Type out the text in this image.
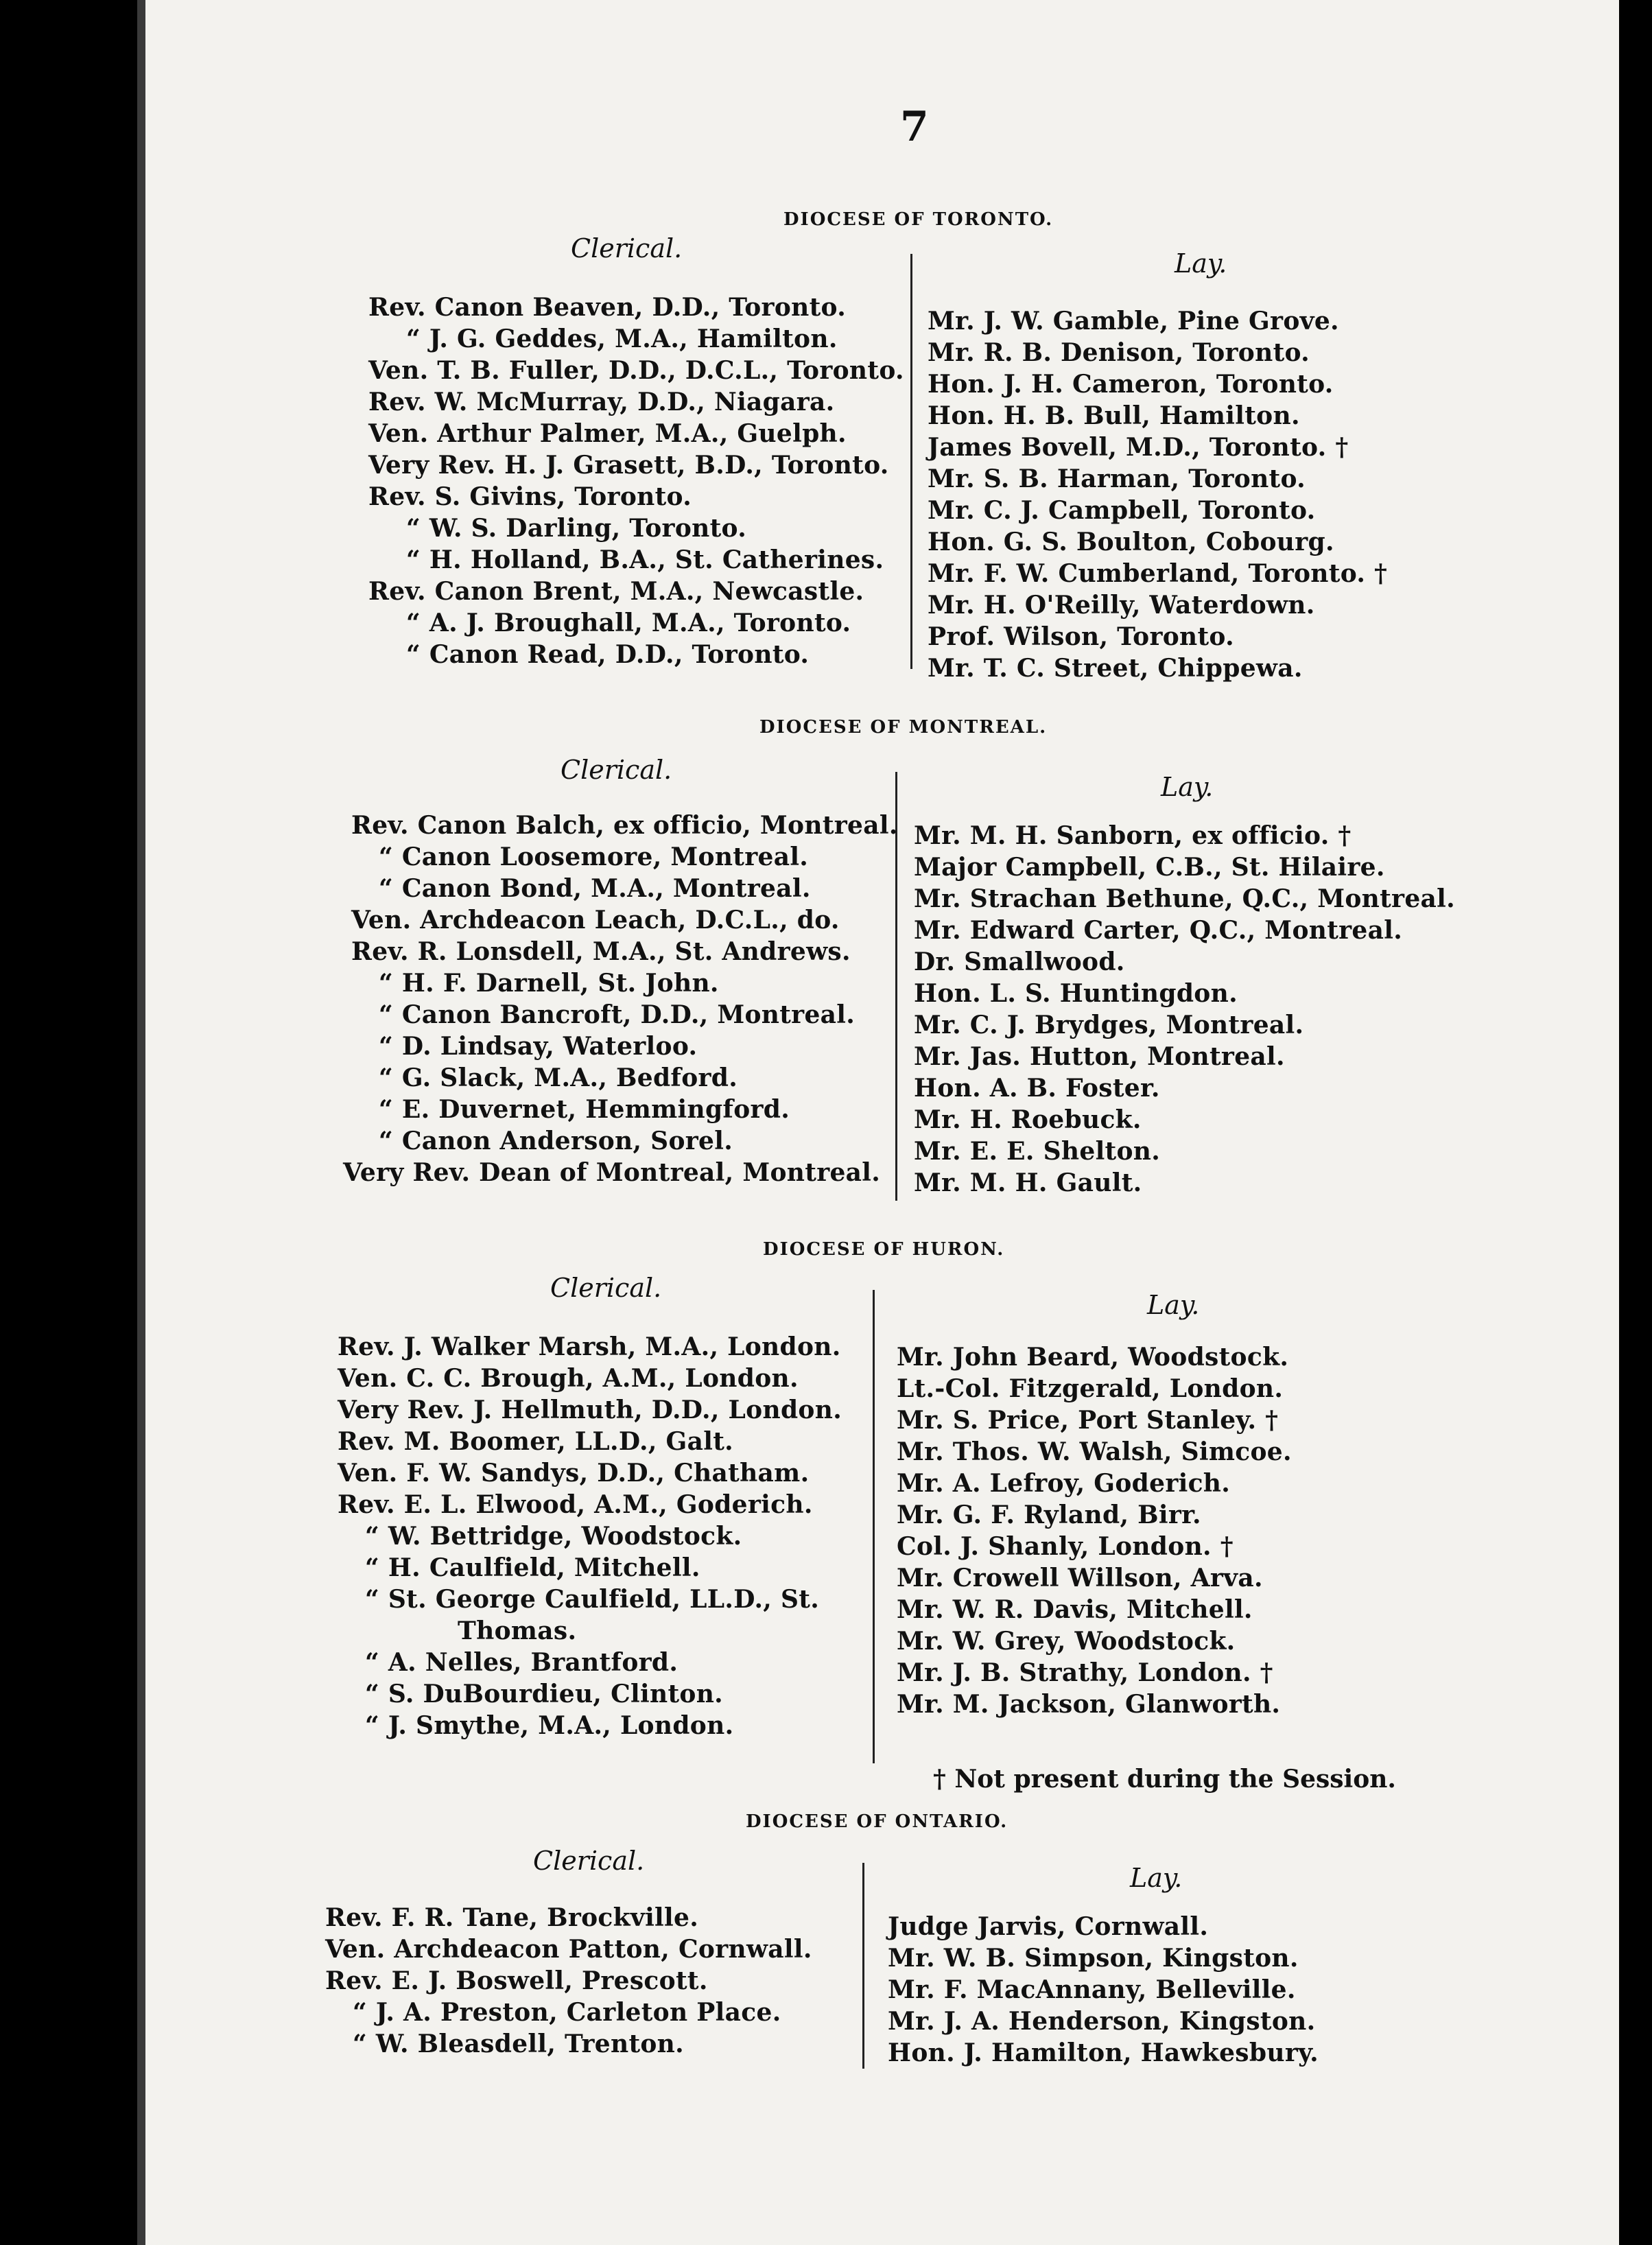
7
DIOCESE OF TORONTO.
Clerical.	Lay.
Rev. Canon Beaven, D.D., Toronto.
“ J. G. Geddes, M.A., Hamilton.
Ven. T. B. Fuller, D.D., D.C.L., Toronto.
Rev. W. McMurray, D.D., Niagara.
Ven. Arthur Palmer, M.A., Guelph.
Very Rev. H. J. Grasett, B.D., Toronto.
Rev. S. Givins, Toronto.
“ W. S. Darling, Toronto.
“ H. Holland, B.A., St. Catherines.
Rev. Canon Brent, M.A., Newcastle.
“ A. J. Broughall, M.A., Toronto.
“ Canon Read, D.D., Toronto.
Mr. J. W. Gamble, Pine Grove.
Mr. R. B. Denison, Toronto.
Hon. J. H. Cameron, Toronto.
Hon. H. B. Bull, Hamilton.
James Bovell, M.D., Toronto. †
Mr. S. B. Harman, Toronto.
Mr. C. J. Campbell, Toronto.
Hon. G. S. Boulton, Cobourg.
Mr. F. W. Cumberland, Toronto. †
Mr. H. O'Reilly, Waterdown.
Prof. Wilson, Toronto.
Mr. T. C. Street, Chippewa.
DIOCESE OF MONTREAL.
Clerical.
Lay.
Rev. Canon Balch, ex officio, Montreal.
“ Canon Loosemore, Montreal.
“ Canon Bond, M.A., Montreal.
Ven. Archdeacon Leach, D.C.L., do.
Rev. R. Lonsdell, M.A., St. Andrews.
“ H. F. Darnell, St. John.
“ Canon Bancroft, D.D., Montreal.
“ D. Lindsay, Waterloo.
“ G. Slack, M.A., Bedford.
“ E. Duvernet, Hemmingford.
“ Canon Anderson, Sorel.
Very Rev. Dean of Montreal, Montreal.
Mr. M. H. Sanborn, ex officio. †
Major Campbell, C.B., St. Hilaire.
Mr. Strachan Bethune, Q.C., Montreal.
Mr. Edward Carter, Q.C., Montreal.
Dr. Smallwood.
Hon. L. S. Huntingdon.
Mr. C. J. Brydges, Montreal.
Mr. Jas. Hutton, Montreal.
Hon. A. B. Foster.
Mr. H. Roebuck.
Mr. E. E. Shelton.
Mr. M. H. Gault.
DIOCESE OF HURON.
Clerical.
Lay.
Rev. J. Walker Marsh, M.A., London.
Ven. C. C. Brough, A.M., London.
Very Rev. J. Hellmuth, D.D., London.
Rev. M. Boomer, LL.D., Galt.
Ven. F. W. Sandys, D.D., Chatham.
Rev. E. L. Elwood, A.M., Goderich.
“ W. Bettridge, Woodstock.
“ H. Caulfield, Mitchell.
“ St. George Caulfield, LL.D., St.
Thomas.
“ A. Nelles, Brantford.
“ S. DuBourdieu, Clinton.
“ J. Smythe, M.A., London.
Mr. John Beard, Woodstock.
Lt.-Col. Fitzgerald, London.
Mr. S. Price, Port Stanley. †
Mr. Thos. W. Walsh, Simcoe.
Mr. A. Lefroy, Goderich.
Mr. G. F. Ryland, Birr.
Col. J. Shanly, London. †
Mr. Crowell Willson, Arva.
Mr. W. R. Davis, Mitchell.
Mr. W. Grey, Woodstock.
Mr. J. B. Strathy, London. †
Mr. M. Jackson, Glanworth.
† Not present during the Session.
DIOCESE OF ONTARIO.
Clerical.
Lay.
Rev. F. R. Tane, Brockville.
Ven. Archdeacon Patton, Cornwall.
Rev. E. J. Boswell, Prescott.
“ J. A. Preston, Carleton Place.
“ W. Bleasdell, Trenton.
Judge Jarvis, Cornwall.
Mr. W. B. Simpson, Kingston.
Mr. F. MacAnnany, Belleville.
Mr. J. A. Henderson, Kingston.
Hon. J. Hamilton, Hawkesbury.
